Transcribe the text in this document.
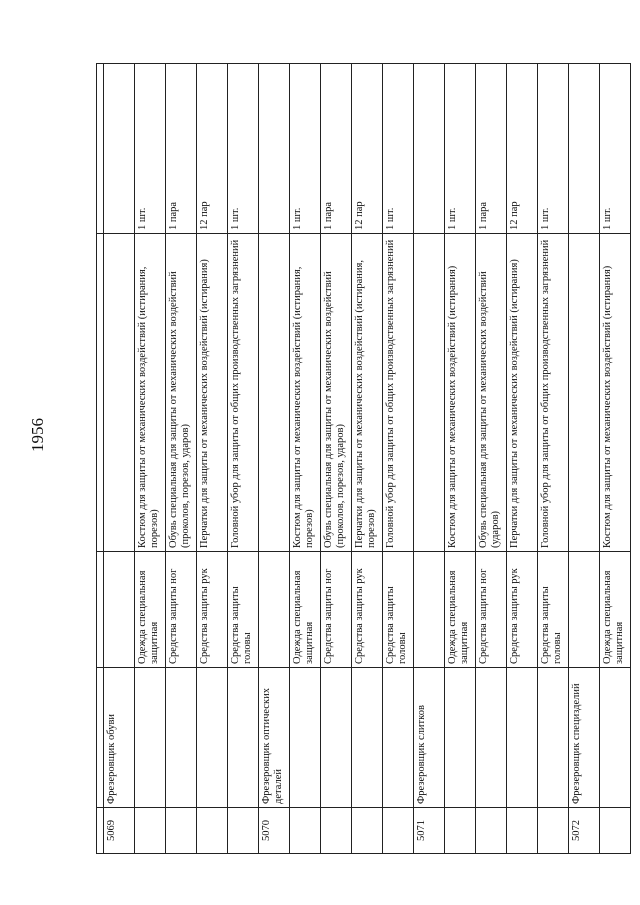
1956

5069	Фрезеровщик обуви			
		Одежда специальная защитная	Костюм для защиты от механических воздействий (истирания, порезов)	1 шт.
		Средства защиты ног	Обувь специальная для защиты от механических воздействий (проколов, порезов, ударов)	1 пара
		Средства защиты рук	Перчатки для защиты от механических воздействий (истирания)	12 пар
		Средства защиты головы	Головной убор для защиты от общих производственных загрязнений	1 шт.
5070	Фрезеровщик оптических деталей			
		Одежда специальная защитная	Костюм для защиты от механических воздействий (истирания, порезов)	1 шт.
		Средства защиты ног	Обувь специальная для защиты от механических воздействий (проколов, порезов, ударов)	1 пара
		Средства защиты рук	Перчатки для защиты от механических воздействий (истирания, порезов)	12 пар
		Средства защиты головы	Головной убор для защиты от общих производственных загрязнений	1 шт.
5071	Фрезеровщик слитков			
		Одежда специальная защитная	Костюм для защиты от механических воздействий (истирания)	1 шт.
		Средства защиты ног	Обувь специальная для защиты от механических воздействий (ударов)	1 пара
		Средства защиты рук	Перчатки для защиты от механических воздействий (истирания)	12 пар
		Средства защиты головы	Головной убор для защиты от общих производственных загрязнений	1 шт.
5072	Фрезеровщик специзделий			
		Одежда специальная защитная	Костюм для защиты от механических воздействий (истирания)	1 шт.
